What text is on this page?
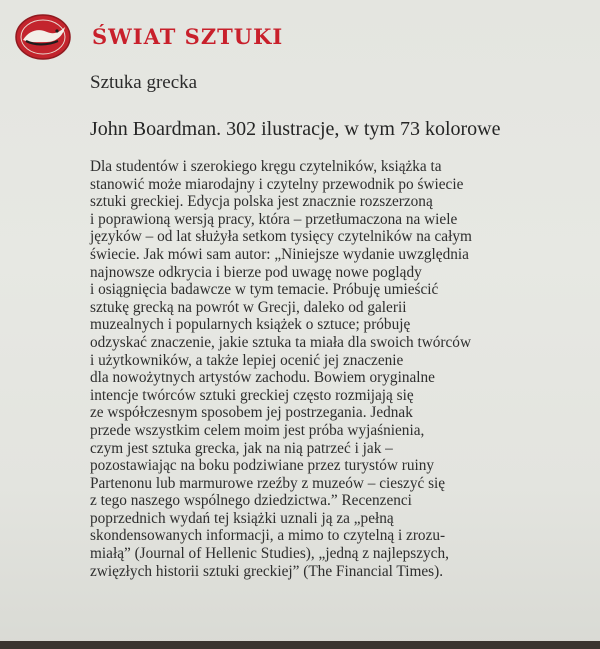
ŚWIAT SZTUKI
Sztuka grecka
John Boardman. 302 ilustracje, w tym 73 kolorowe
Dla studentów i szerokiego kręgu czytelników, książka ta
stanowić może miarodajny i czytelny przewodnik po świecie
sztuki greckiej. Edycja polska jest znacznie rozszerzoną
i poprawioną wersją pracy, która – przetłumaczona na wiele
języków – od lat służyła setkom tysięcy czytelników na całym
świecie. Jak mówi sam autor: „Niniejsze wydanie uwzględnia
najnowsze odkrycia i bierze pod uwagę nowe poglądy
i osiągnięcia badawcze w tym temacie. Próbuję umieścić
sztukę grecką na powrót w Grecji, daleko od galerii
muzealnych i popularnych książek o sztuce; próbuję
odzyskać znaczenie, jakie sztuka ta miała dla swoich twórców
i użytkowników, a także lepiej ocenić jej znaczenie
dla nowożytnych artystów zachodu. Bowiem oryginalne
intencje twórców sztuki greckiej często rozmijają się
ze współczesnym sposobem jej postrzegania. Jednak
przede wszystkim celem moim jest próba wyjaśnienia,
czym jest sztuka grecka, jak na nią patrzeć i jak –
pozostawiając na boku podziwiane przez turystów ruiny
Partenonu lub marmurowe rzeźby z muzeów – cieszyć się
z tego naszego wspólnego dziedzictwa.” Recenzenci
poprzednich wydań tej książki uznali ją za „pełną
skondensowanych informacji, a mimo to czytelną i zrozu-
miałą” (Journal of Hellenic Studies), „jedną z najlepszych,
zwięzłych historii sztuki greckiej” (The Financial Times).
